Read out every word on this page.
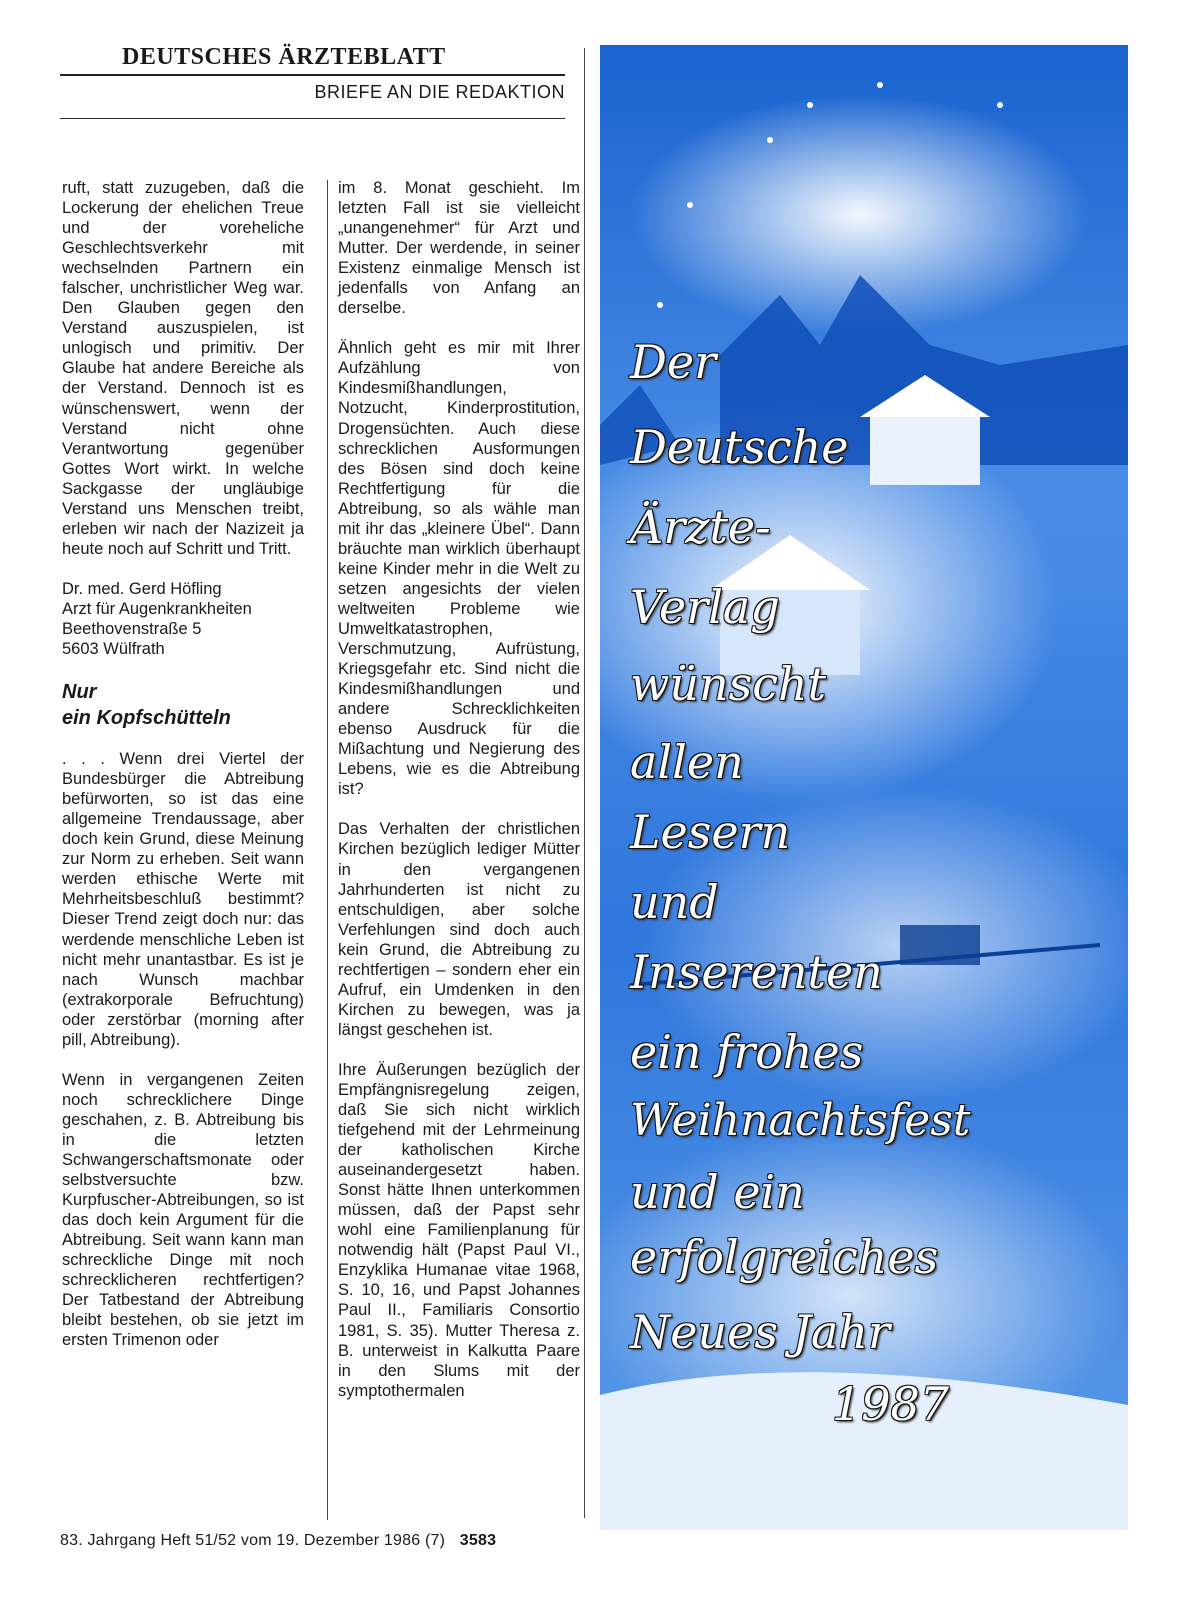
DEUTSCHES ÄRZTEBLATT
BRIEFE AN DIE REDAKTION

ruft, statt zuzugeben, daß die Lockerung der ehelichen Treue und der voreheliche Geschlechtsverkehr mit wechselnden Partnern ein falscher, unchristlicher Weg war. Den Glauben gegen den Verstand auszuspielen, ist unlogisch und primitiv. Der Glaube hat andere Bereiche als der Verstand. Dennoch ist es wünschenswert, wenn der Verstand nicht ohne Verantwortung gegenüber Gottes Wort wirkt. In welche Sackgasse der ungläubige Verstand uns Menschen treibt, erleben wir nach der Nazizeit ja heute noch auf Schritt und Tritt.

Dr. med. Gerd Höfling
Arzt für Augenkrankheiten
Beethovenstraße 5
5603 Wülfrath

Nur
ein Kopfschütteln

. . . Wenn drei Viertel der Bundesbürger die Abtreibung befürworten, so ist das eine allgemeine Trendaussage, aber doch kein Grund, diese Meinung zur Norm zu erheben. Seit wann werden ethische Werte mit Mehrheitsbeschluß bestimmt? Dieser Trend zeigt doch nur: das werdende menschliche Leben ist nicht mehr unantastbar. Es ist je nach Wunsch machbar (extrakorporale Befruchtung) oder zerstörbar (morning after pill, Abtreibung).

Wenn in vergangenen Zeiten noch schrecklichere Dinge geschahen, z. B. Abtreibung bis in die letzten Schwangerschaftsmonate oder selbstversuchte bzw. Kurpfuscher-Abtreibungen, so ist das doch kein Argument für die Abtreibung. Seit wann kann man schreckliche Dinge mit noch schrecklicheren rechtfertigen? Der Tatbestand der Abtreibung bleibt bestehen, ob sie jetzt im ersten Trimenon oder

im 8. Monat geschieht. Im letzten Fall ist sie vielleicht „unangenehmer“ für Arzt und Mutter. Der werdende, in seiner Existenz einmalige Mensch ist jedenfalls von Anfang an derselbe.

Ähnlich geht es mir mit Ihrer Aufzählung von Kindesmißhandlungen, Notzucht, Kinderprostitution, Drogensüchten. Auch diese schrecklichen Ausformungen des Bösen sind doch keine Rechtfertigung für die Abtreibung, so als wähle man mit ihr das „kleinere Übel“. Dann bräuchte man wirklich überhaupt keine Kinder mehr in die Welt zu setzen angesichts der vielen weltweiten Probleme wie Umweltkatastrophen, Verschmutzung, Aufrüstung, Kriegsgefahr etc. Sind nicht die Kindesmißhandlungen und andere Schrecklichkeiten ebenso Ausdruck für die Mißachtung und Negierung des Lebens, wie es die Abtreibung ist?

Das Verhalten der christlichen Kirchen bezüglich lediger Mütter in den vergangenen Jahrhunderten ist nicht zu entschuldigen, aber solche Verfehlungen sind doch auch kein Grund, die Abtreibung zu rechtfertigen – sondern eher ein Aufruf, ein Umdenken in den Kirchen zu bewegen, was ja längst geschehen ist.

Ihre Äußerungen bezüglich der Empfängnisregelung zeigen, daß Sie sich nicht wirklich tiefgehend mit der Lehrmeinung der katholischen Kirche auseinandergesetzt haben. Sonst hätte Ihnen unterkommen müssen, daß der Papst sehr wohl eine Familienplanung für notwendig hält (Papst Paul VI., Enzyklika Humanae vitae 1968, S. 10, 16, und Papst Johannes Paul II., Familiaris Consortio 1981, S. 35). Mutter Theresa z. B. unterweist in Kalkutta Paare in den Slums mit der symptothermalen

Der
Deutsche
Ärzte-
Verlag
wünscht
allen
Lesern
und
Inserenten
ein frohes
Weihnachtsfest
und ein
erfolgreiches
Neues Jahr
1987
83. Jahrgang Heft 51/52 vom 19. Dezember 1986 (7) 3583
